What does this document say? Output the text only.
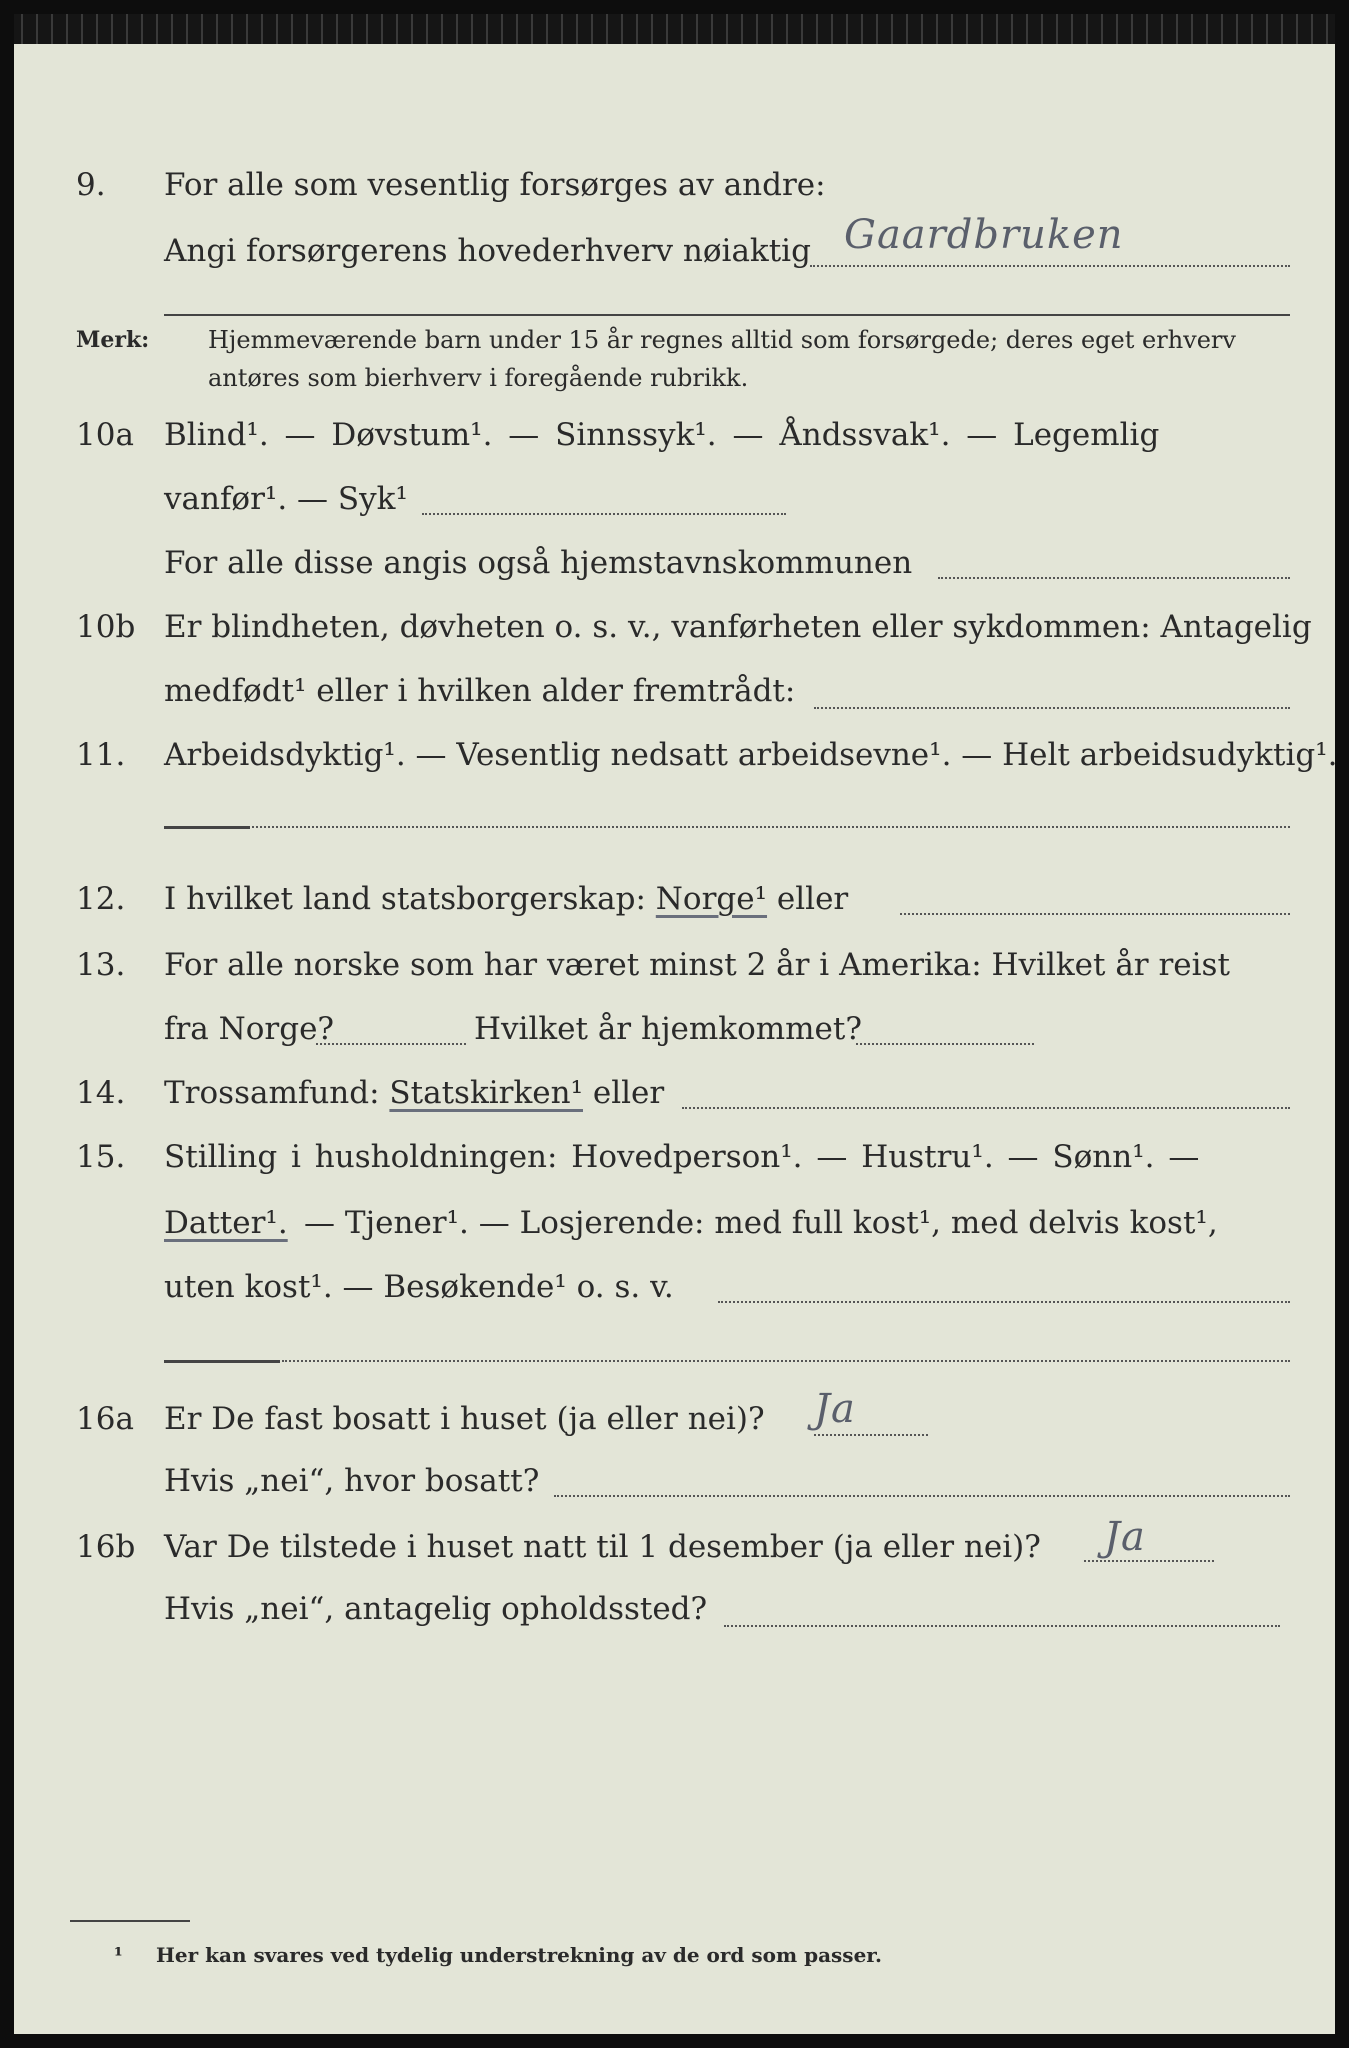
9. For alle som vesentlig forsørges av andre:
Angi forsørgerens hovederhverv nøiaktig Gaardbruken
Merk: Hjemmeværende barn under 15 år regnes alltid som forsørgede; deres eget erhverv
antøres som bierhverv i foregående rubrikk.
10a Blind¹. — Døvstum¹. — Sinnssyk¹. — Åndssvak¹. — Legemlig
vanfør¹. — Syk¹
For alle disse angis også hjemstavnskommunen
10b Er blindheten, døvheten o. s. v., vanførheten eller sykdommen: Antagelig
medfødt¹ eller i hvilken alder fremtrådt:
11. Arbeidsdyktig¹. — Vesentlig nedsatt arbeidsevne¹. — Helt arbeidsudyktig¹.
12. I hvilket land statsborgerskap: Norge¹ eller
13. For alle norske som har været minst 2 år i Amerika: Hvilket år reist
fra Norge?	Hvilket år hjemkommet?
14. Trossamfund: Statskirken¹ eller
15. Stilling i husholdningen: Hovedperson¹. — Hustru¹. — Sønn¹. —
Datter¹. — Tjener¹. — Losjerende: med full kost¹, med delvis kost¹,
uten kost¹. — Besøkende¹ o. s. v.
16a Er De fast bosatt i huset (ja eller nei)? Ja
Hvis „nei“, hvor bosatt?
16b Var De tilstede i huset natt til 1 desember (ja eller nei)? Ja
Hvis „nei“, antagelig opholdssted?
¹ Her kan svares ved tydelig understrekning av de ord som passer.
